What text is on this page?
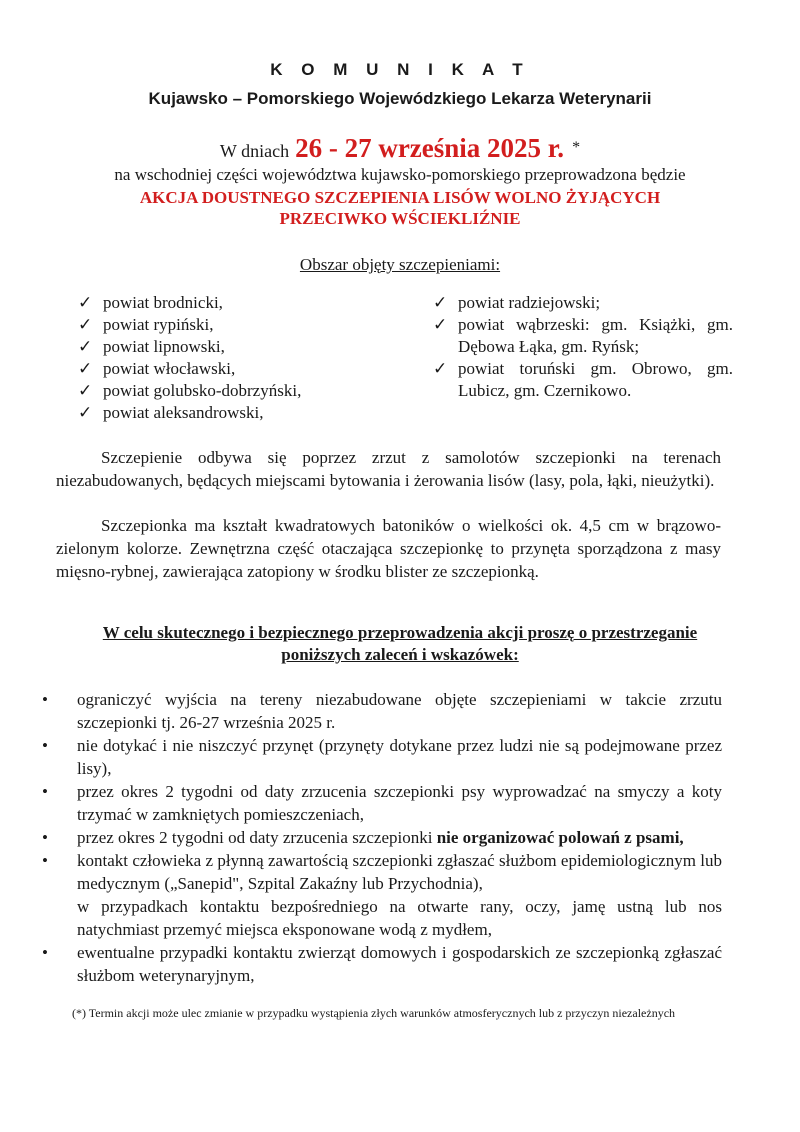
K O M U N I K A T
Kujawsko – Pomorskiego Wojewódzkiego Lekarza Weterynarii
W dniach 26 - 27 września 2025 r. *
na wschodniej części województwa kujawsko-pomorskiego przeprowadzona będzie
AKCJA DOUSTNEGO SZCZEPIENIA LISÓW WOLNO ŻYJĄCYCH
PRZECIWKO WŚCIEKLIŹNIE
Obszar objęty szczepieniami:
✓ powiat brodnicki,
✓ powiat rypiński,
✓ powiat lipnowski,
✓ powiat włocławski,
✓ powiat golubsko-dobrzyński,
✓ powiat aleksandrowski,
✓ powiat radziejowski;
✓ powiat wąbrzeski: gm. Książki, gm. Dębowa Łąka, gm. Ryńsk;
✓ powiat toruński gm. Obrowo, gm. Lubicz, gm. Czernikowo.
Szczepienie odbywa się poprzez zrzut z samolotów szczepionki na terenach niezabudowanych, będących miejscami bytowania i żerowania lisów (lasy, pola, łąki, nieużytki).
Szczepionka ma kształt kwadratowych batoników o wielkości ok. 4,5 cm w brązowo-zielonym kolorze. Zewnętrzna część otaczająca szczepionkę to przynęta sporządzona z masy mięsno-rybnej, zawierająca zatopiony w środku blister ze szczepionką.
W celu skutecznego i bezpiecznego przeprowadzenia akcji proszę o przestrzeganie
poniższych zaleceń i wskazówek:
• ograniczyć wyjścia na tereny niezabudowane objęte szczepieniami w takcie zrzutu szczepionki tj. 26-27 września 2025 r.
• nie dotykać i nie niszczyć przynęt (przynęty dotykane przez ludzi nie są podejmowane przez lisy),
• przez okres 2 tygodni od daty zrzucenia szczepionki psy wyprowadzać na smyczy a koty trzymać w zamkniętych pomieszczeniach,
• przez okres 2 tygodni od daty zrzucenia szczepionki nie organizować polowań z psami,
• kontakt człowieka z płynną zawartością szczepionki zgłaszać służbom epidemiologicznym lub medycznym („Sanepid", Szpital Zakaźny lub Przychodnia),
w przypadkach kontaktu bezpośredniego na otwarte rany, oczy, jamę ustną lub nos natychmiast przemyć miejsca eksponowane wodą z mydłem,
• ewentualne przypadki kontaktu zwierząt domowych i gospodarskich ze szczepionką zgłaszać służbom weterynaryjnym,
(*) Termin akcji może ulec zmianie w przypadku wystąpienia złych warunków atmosferycznych lub z przyczyn niezależnych
